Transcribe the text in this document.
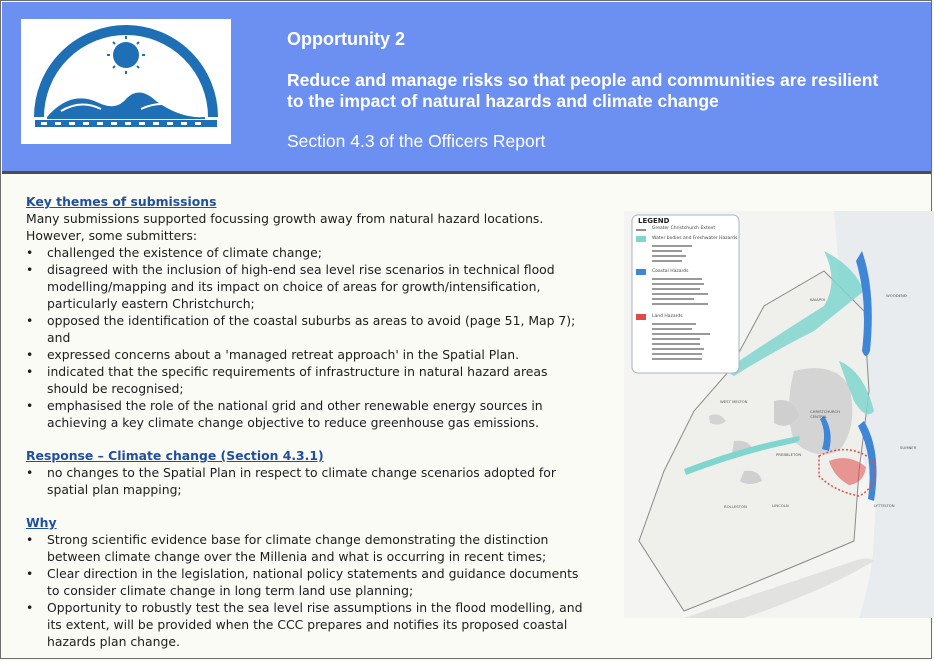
Opportunity 2
Reduce and manage risks so that people and communities are resilient to the impact of natural hazards and climate change
Section 4.3 of the Officers Report
Key themes of submissions

Many submissions supported focussing growth away from natural hazard locations. However, some submitters:

• challenged the existence of climate change;
• disagreed with the inclusion of high-end sea level rise scenarios in technical flood modelling/mapping and its impact on choice of areas for growth/intensification, particularly eastern Christchurch;
• opposed the identification of the coastal suburbs as areas to avoid (page 51, Map 7); and
• expressed concerns about a 'managed retreat approach' in the Spatial Plan.
• indicated that the specific requirements of infrastructure in natural hazard areas should be recognised;
• emphasised the role of the national grid and other renewable energy sources in achieving a key climate change objective to reduce greenhouse gas emissions.
Response – Climate change (Section 4.3.1)
• no changes to the Spatial Plan in respect to climate change scenarios adopted for spatial plan mapping;
Why
• Strong scientific evidence base for climate change demonstrating the distinction between climate change over the Millenia and what is occurring in recent times;
• Clear direction in the legislation, national policy statements and guidance documents to consider climate change in long term land use planning;
• Opportunity to robustly test the sea level rise assumptions in the flood modelling, and its extent, will be provided when the CCC prepares and notifies its proposed coastal hazards plan change.
LEGEND
Greater Christchurch Extent
Water bodies and Freshwater Hazards
Coastal Hazards
Land Hazards
KAIAPOI
WOODEND
ROLLESTON
WEST MELTON
CHRISTCHURCH CENTRAL
PREBBLETON
LINCOLN
SUMNER
LYTTELTON
